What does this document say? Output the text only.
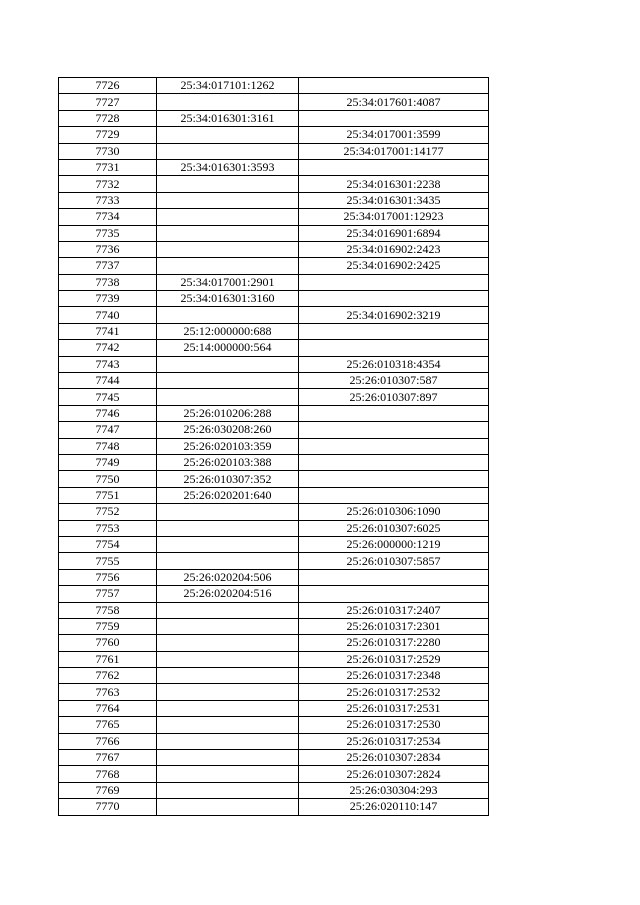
7726	25:34:017101:1262	
7727		25:34:017601:4087
7728	25:34:016301:3161	
7729		25:34:017001:3599
7730		25:34:017001:14177
7731	25:34:016301:3593	
7732		25:34:016301:2238
7733		25:34:016301:3435
7734		25:34:017001:12923
7735		25:34:016901:6894
7736		25:34:016902:2423
7737		25:34:016902:2425
7738	25:34:017001:2901	
7739	25:34:016301:3160	
7740		25:34:016902:3219
7741	25:12:000000:688	
7742	25:14:000000:564	
7743		25:26:010318:4354
7744		25:26:010307:587
7745		25:26:010307:897
7746	25:26:010206:288	
7747	25:26:030208:260	
7748	25:26:020103:359	
7749	25:26:020103:388	
7750	25:26:010307:352	
7751	25:26:020201:640	
7752		25:26:010306:1090
7753		25:26:010307:6025
7754		25:26:000000:1219
7755		25:26:010307:5857
7756	25:26:020204:506	
7757	25:26:020204:516	
7758		25:26:010317:2407
7759		25:26:010317:2301
7760		25:26:010317:2280
7761		25:26:010317:2529
7762		25:26:010317:2348
7763		25:26:010317:2532
7764		25:26:010317:2531
7765		25:26:010317:2530
7766		25:26:010317:2534
7767		25:26:010307:2834
7768		25:26:010307:2824
7769		25:26:030304:293
7770		25:26:020110:147
